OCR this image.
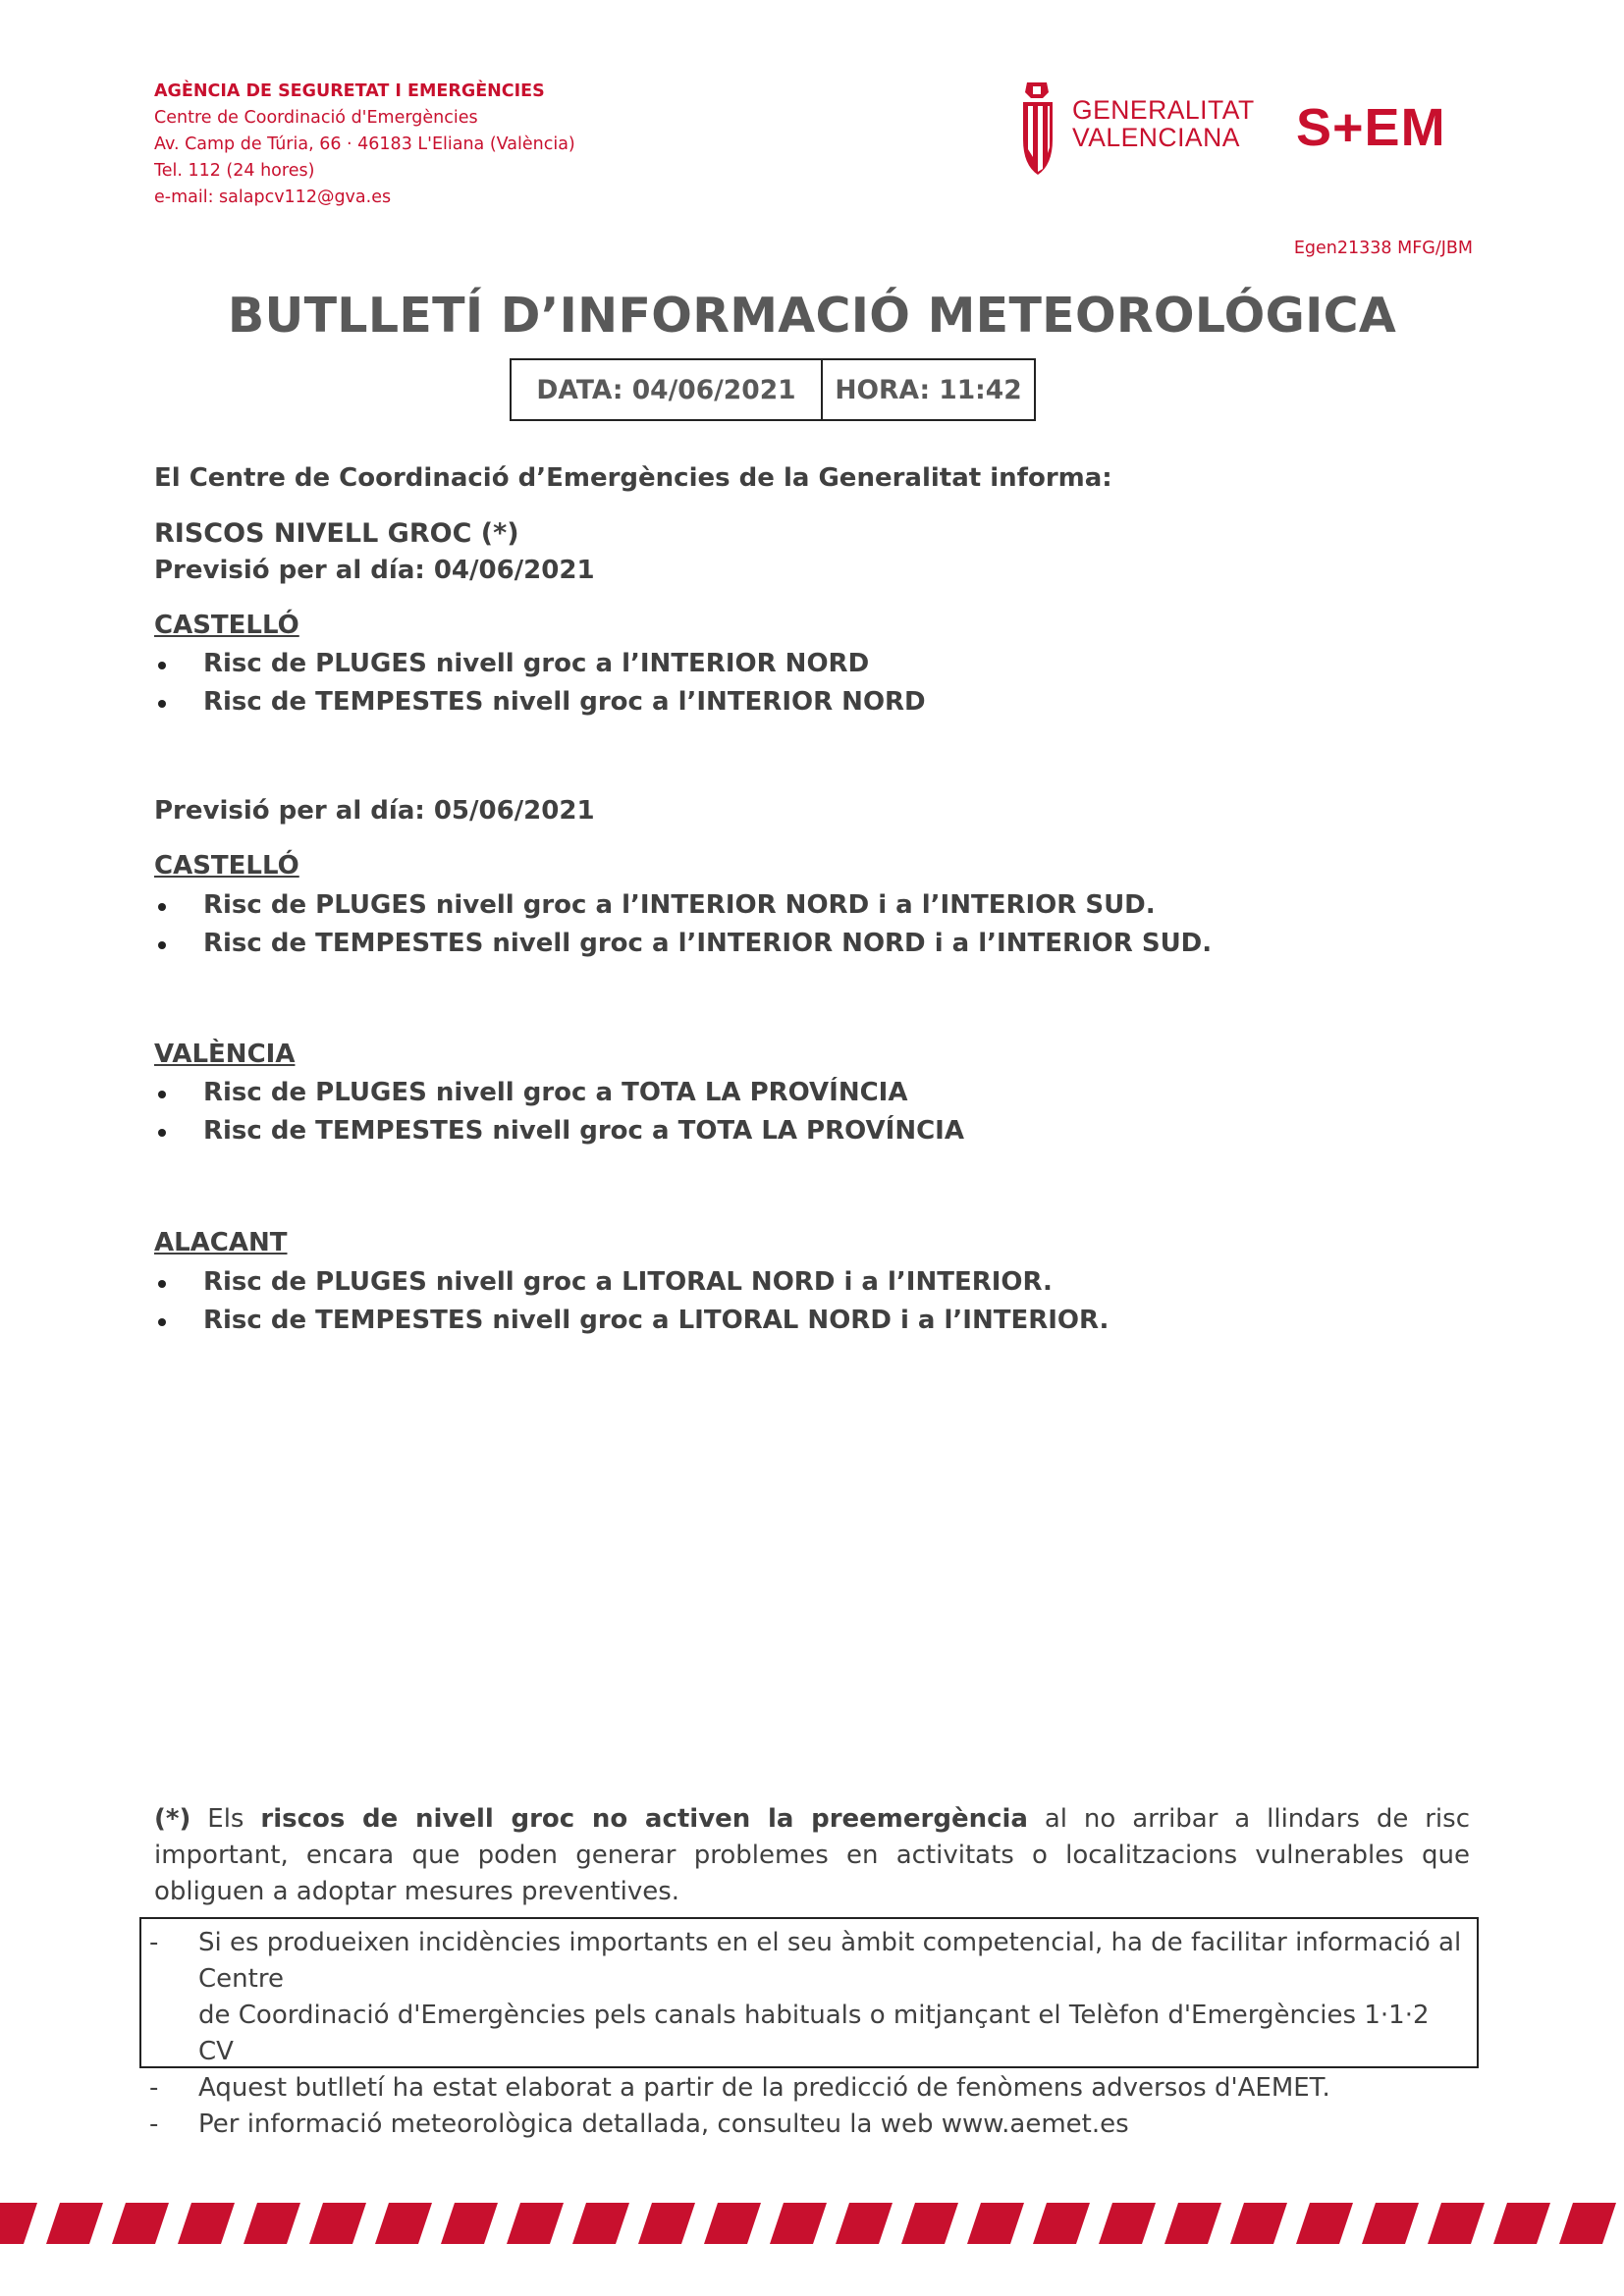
AGÈNCIA DE SEGURETAT I EMERGÈNCIES
Centre de Coordinació d'Emergències
Av. Camp de Túria, 66 · 46183 L'Eliana (València)
Tel. 112 (24 hores)
e-mail: salapcv112@gva.es
GENERALITAT
VALENCIANA S+EM
Egen21338 MFG/JBM
BUTLLETÍ D’INFORMACIÓ METEOROLÓGICA
DATA: 04/06/2021	HORA: 11:42
El Centre de Coordinació d’Emergències de la Generalitat informa:
RISCOS NIVELL GROC (*)
Previsió per al día: 04/06/2021
CASTELLÓ
Risc de PLUGES nivell groc a l’INTERIOR NORD
Risc de TEMPESTES nivell groc a l’INTERIOR NORD
Previsió per al día: 05/06/2021
CASTELLÓ
Risc de PLUGES nivell groc a l’INTERIOR NORD i a l’INTERIOR SUD.
Risc de TEMPESTES nivell groc a l’INTERIOR NORD i a l’INTERIOR SUD.
VALÈNCIA
Risc de PLUGES nivell groc a TOTA LA PROVÍNCIA
Risc de TEMPESTES nivell groc a TOTA LA PROVÍNCIA
ALACANT
Risc de PLUGES nivell groc a LITORAL NORD i a l’INTERIOR.
Risc de TEMPESTES nivell groc a LITORAL NORD i a l’INTERIOR.
(*) Els riscos de nivell groc no activen la preemergència al no arribar a llindars de risc important, encara que poden generar problemes en activitats o localitzacions vulnerables que obliguen a adoptar mesures preventives.
-	Si es produeixen incidències importants en el seu àmbit competencial, ha de facilitar informació al Centre
de Coordinació d'Emergències pels canals habituals o mitjançant el Telèfon d'Emergències 1·1·2 CV
-	Aquest butlletí ha estat elaborat a partir de la predicció de fenòmens adversos d'AEMET.
-	Per informació meteorològica detallada, consulteu la web www.aemet.es
